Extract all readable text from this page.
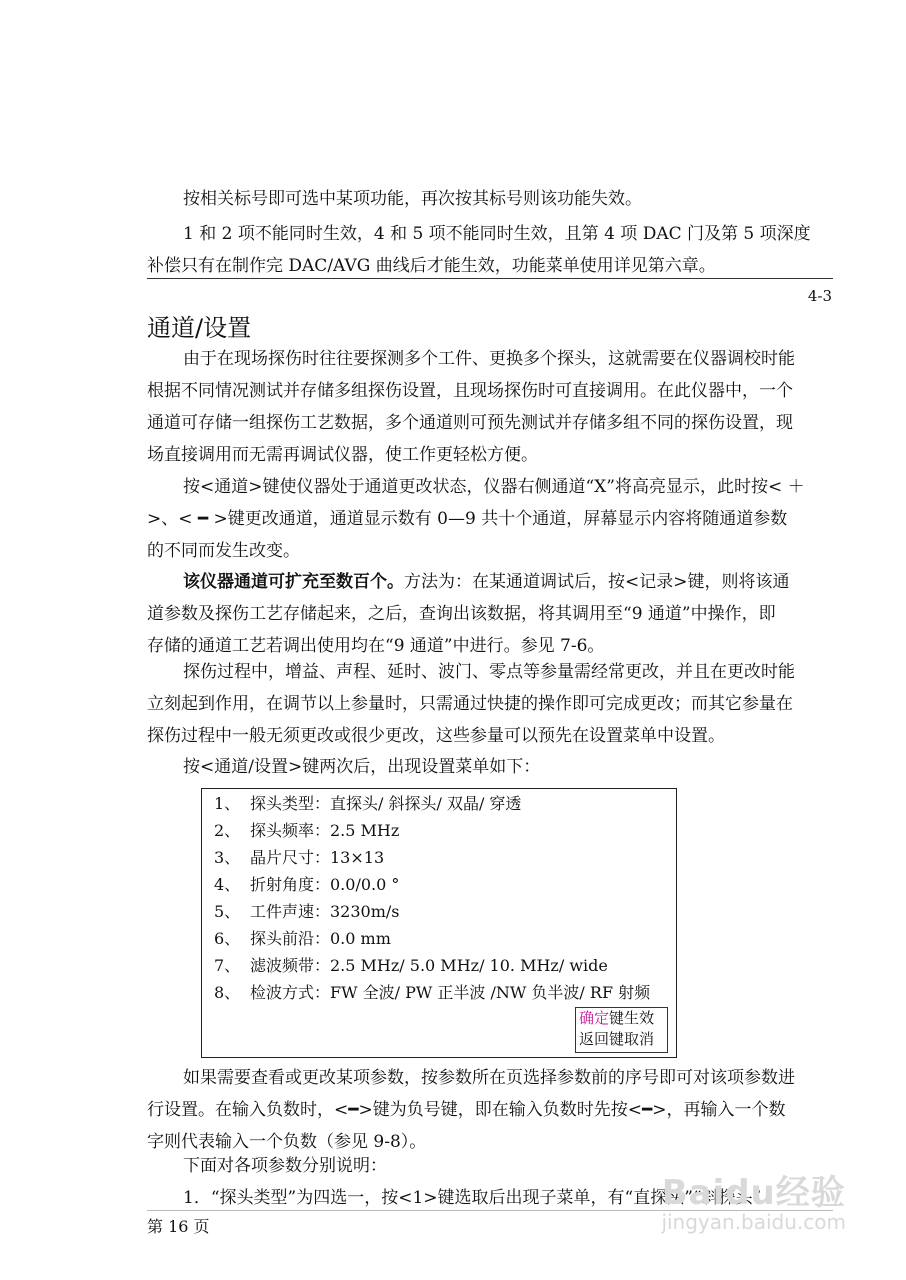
按相关标号即可选中某项功能，再次按其标号则该功能失效。
1 和 2 项不能同时生效，4 和 5 项不能同时生效，且第 4 项 DAC 门及第 5 项深度
补偿只有在制作完 DAC/AVG 曲线后才能生效，功能菜单使用详见第六章。
4-3
通道/设置
由于在现场探伤时往往要探测多个工件、更换多个探头，这就需要在仪器调校时能
根据不同情况测试并存储多组探伤设置，且现场探伤时可直接调用。在此仪器中，一个
通道可存储一组探伤工艺数据，多个通道则可预先测试并存储多组不同的探伤设置，现
场直接调用而无需再调试仪器，使工作更轻松方便。
按<通道>键使仪器处于通道更改状态，仪器右侧通道“X”将高亮显示，此时按< ＋
>、< ━ >键更改通道，通道显示数有 0—9 共十个通道，屏幕显示内容将随通道参数
的不同而发生改变。
该仪器通道可扩充至数百个。方法为：在某通道调试后，按<记录>键，则将该通
道参数及探伤工艺存储起来，之后，查询出该数据，将其调用至“9 通道”中操作，即
存储的通道工艺若调出使用均在“9 通道”中进行。参见 7-6。
探伤过程中，增益、声程、延时、波门、零点等参量需经常更改，并且在更改时能
立刻起到作用，在调节以上参量时，只需通过快捷的操作即可完成更改；而其它参量在
探伤过程中一般无须更改或很少更改，这些参量可以预先在设置菜单中设置。
按<通道/设置>键两次后，出现设置菜单如下：
1、 探头类型：直探头/ 斜探头/ 双晶/ 穿透
2、 探头频率：2.5 MHz
3、 晶片尺寸：13×13
4、 折射角度：0.0/0.0 °
5、 工件声速：3230m/s
6、 探头前沿：0.0 mm
7、 滤波频带：2.5 MHz/ 5.0 MHz/ 10. MHz/ wide
8、 检波方式：FW 全波/ PW 正半波 /NW 负半波/ RF 射频
确定键生效
返回键取消
如果需要查看或更改某项参数，按参数所在页选择参数前的序号即可对该项参数进
行设置。在输入负数时，<━>键为负号键，即在输入负数时先按<━>，再输入一个数
字则代表输入一个负数（参见 9-8）。
下面对各项参数分别说明：
1．“探头类型”为四选一，按<1>键选取后出现子菜单，有“直探头”“斜探头”
第 16 页
Baidu经验
jingyan.baidu.com
